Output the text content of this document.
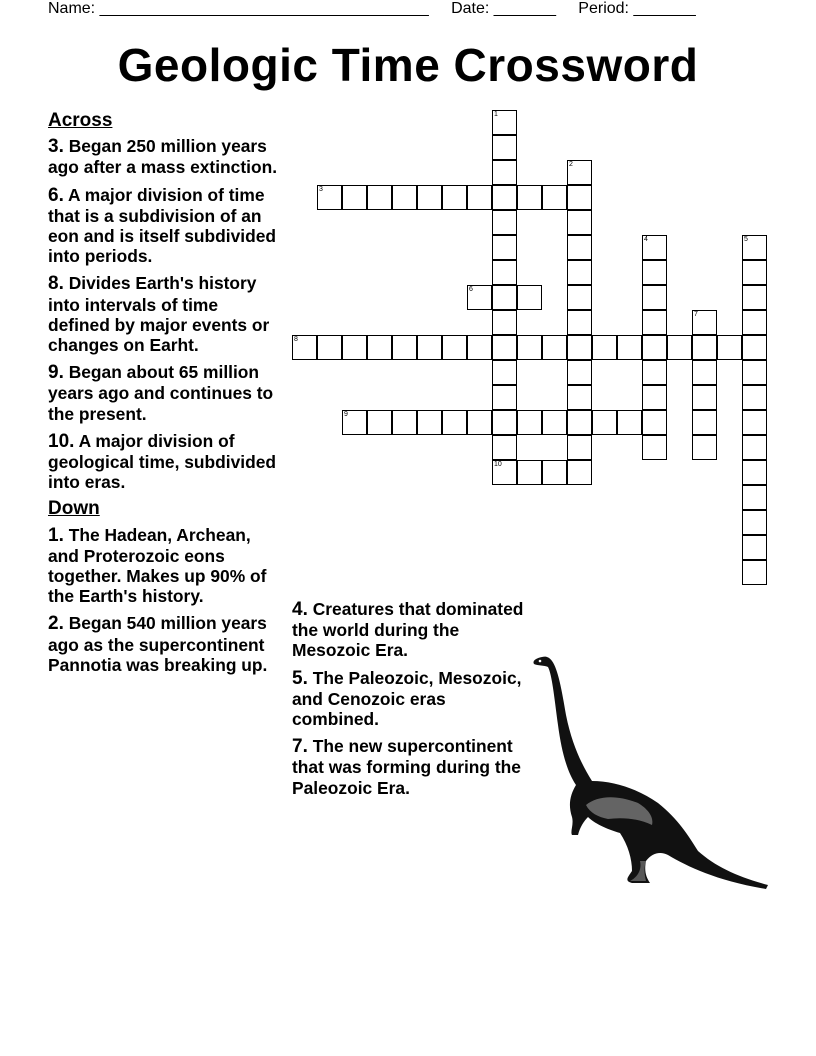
Name: _____________________________________ Date: _______ Period: _______
Geologic Time Crossword
Across
3. Began 250 million years ago after a mass extinction.
6. A major division of time that is a subdivision of an eon and is itself subdivided into periods.
8. Divides Earth's history into intervals of time defined by major events or changes on Earht.
9. Began about 65 million years ago and continues to the present.
10. A major division of geological time, subdivided into eras.
Down
1. The Hadean, Archean, and Proterozoic eons together. Makes up 90% of the Earth's history.
2. Began 540 million years ago as the supercontinent Pannotia was breaking up.
4. Creatures that dominated the world during the Mesozoic Era.
5. The Paleozoic, Mesozoic, and Cenozoic eras combined.
7. The new supercontinent that was forming during the Paleozoic Era.
1
10
2
3
4	5
6
7
8
9
